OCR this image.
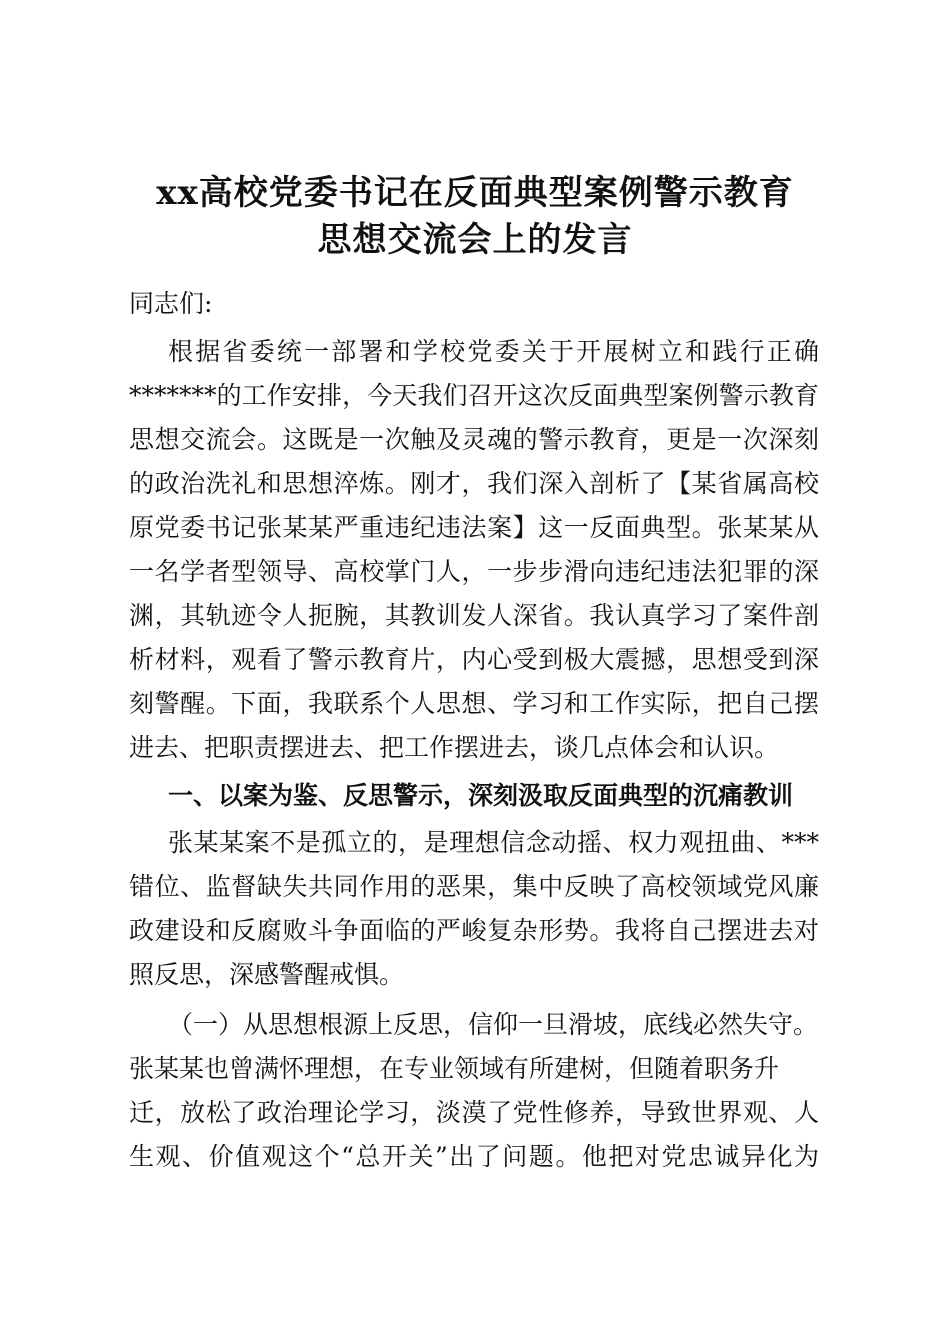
xx高校党委书记在反面典型案例警示教育
思想交流会上的发言
同志们:
根据省委统一部署和学校党委关于开展树立和践行正确
*******的工作安排，今天我们召开这次反面典型案例警示教育
思想交流会。这既是一次触及灵魂的警示教育，更是一次深刻
的政治洗礼和思想淬炼。刚才，我们深入剖析了【某省属高校
原党委书记张某某严重违纪违法案】这一反面典型。张某某从
一名学者型领导、高校掌门人，一步步滑向违纪违法犯罪的深
渊，其轨迹令人扼腕，其教训发人深省。我认真学习了案件剖
析材料，观看了警示教育片，内心受到极大震撼，思想受到深
刻警醒。下面，我联系个人思想、学习和工作实际，把自己摆
进去、把职责摆进去、把工作摆进去，谈几点体会和认识。
一、以案为鉴、反思警示，深刻汲取反面典型的沉痛教训
张某某案不是孤立的，是理想信念动摇、权力观扭曲、***
错位、监督缺失共同作用的恶果，集中反映了高校领域党风廉
政建设和反腐败斗争面临的严峻复杂形势。我将自己摆进去对
照反思，深感警醒戒惧。
（一）从思想根源上反思，信仰一旦滑坡，底线必然失守。
张某某也曾满怀理想，在专业领域有所建树，但随着职务升
迁，放松了政治理论学习，淡漠了党性修养，导致世界观、人
生观、价值观这个“总开关”出了问题。他把对党忠诚异化为
